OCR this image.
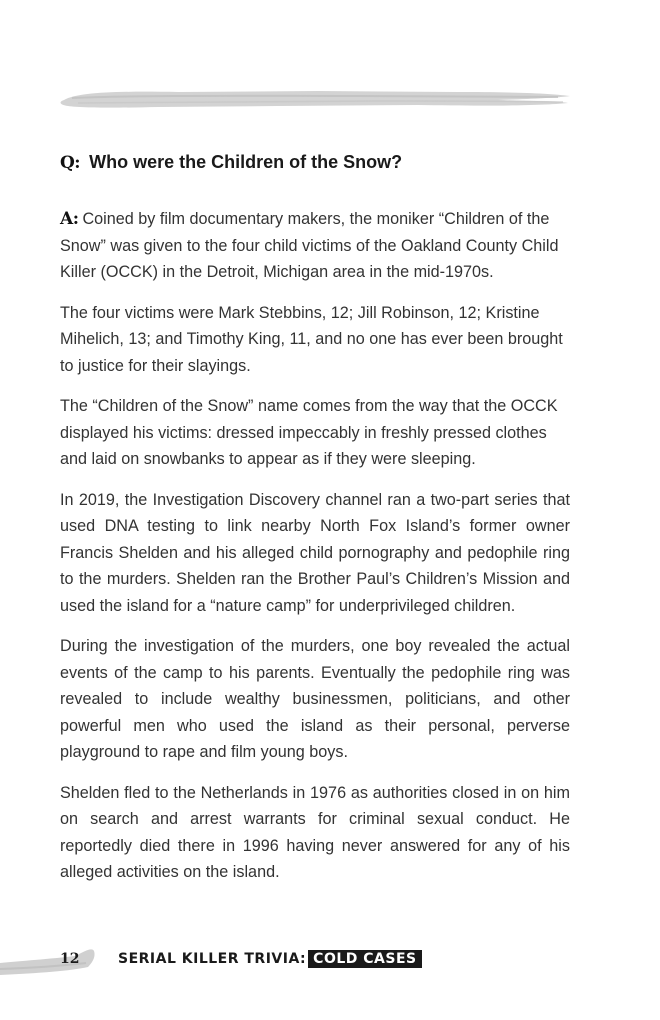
Q: Who were the Children of the Snow?

A: Coined by film documentary makers, the moniker “Children of the Snow” was given to the four child victims of the Oakland County Child Killer (OCCK) in the Detroit, Michigan area in the mid-1970s.

The four victims were Mark Stebbins, 12; Jill Robinson, 12; Kristine Mihelich, 13; and Timothy King, 11, and no one has ever been brought to justice for their slayings.

The “Children of the Snow” name comes from the way that the OCCK displayed his victims: dressed impeccably in freshly pressed clothes and laid on snowbanks to appear as if they were sleeping.

In 2019, the Investigation Discovery channel ran a two-part series that used DNA testing to link nearby North Fox Island’s former owner Francis Shelden and his alleged child pornography and pedophile ring to the murders. Shelden ran the Brother Paul’s Children’s Mission and used the island for a “nature camp” for underprivileged children.

During the investigation of the murders, one boy revealed the actual events of the camp to his parents. Eventually the pedophile ring was revealed to include wealthy businessmen, politicians, and other powerful men who used the island as their personal, perverse playground to rape and film young boys.

Shelden fled to the Netherlands in 1976 as authorities closed in on him on search and arrest warrants for criminal sexual conduct. He reportedly died there in 1996 having never answered for any of his alleged activities on the island.

12	SERIAL KILLER TRIVIA: COLD CASES
